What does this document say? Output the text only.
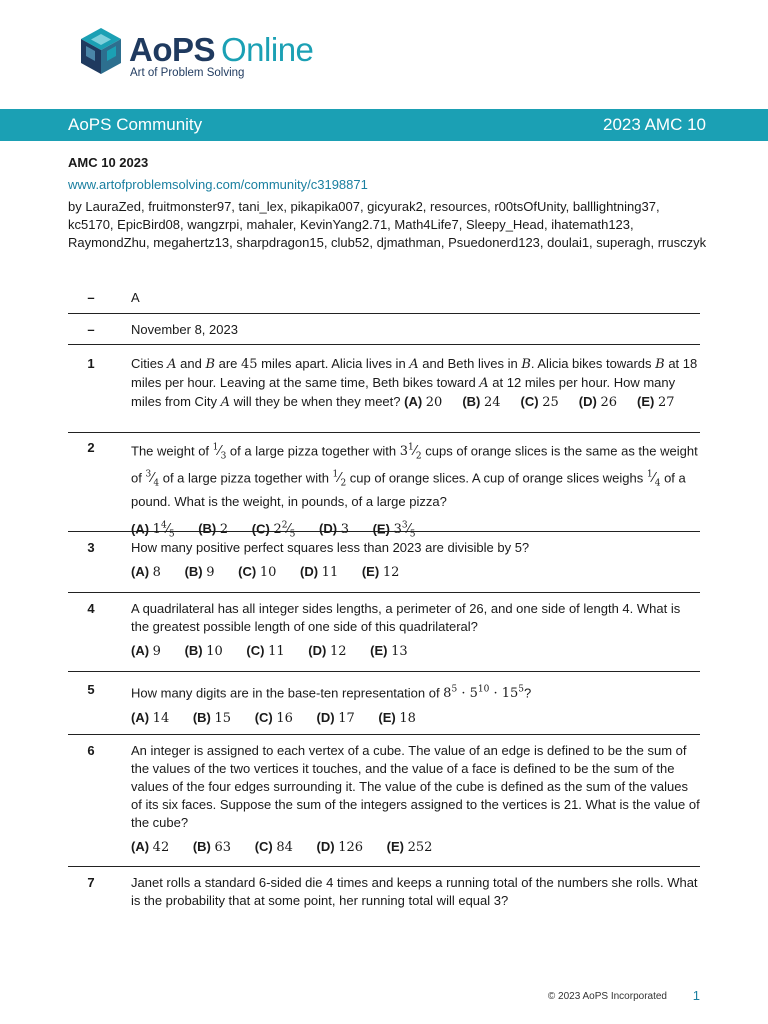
AoPS Online
Art of Problem Solving
AoPS Community	2023 AMC 10
AMC 10 2023
www.artofproblemsolving.com/community/c3198871
by LauraZed, fruitmonster97, tani_lex, pikapika007, gicyurak2, resources, r00tsOfUnity, balllightning37, kc5170, EpicBird08, wangzrpi, mahaler, KevinYang2.71, Math4Life7, Sleepy_Head, ihatemath123, RaymondZhu, megahertz13, sharpdragon15, club52, djmathman, Psuedonerd123, doulai1, superagh, rrusczyk
–	A
–	November 8, 2023
1	Cities A and B are 45 miles apart. Alicia lives in A and Beth lives in B. Alicia bikes towards B at 18 miles per hour. Leaving at the same time, Beth bikes toward A at 12 miles per hour. How many miles from City A will they be when they meet? (A) 20 (B) 24 (C) 25 (D) 26 (E) 27
2	The weight of $^1⁄_3$ of a large pizza together with $3^1⁄_2$ cups of orange slices is the same as the weight of $^3⁄_4$ of a large pizza together with $^1⁄_2$ cup of orange slices. A cup of orange slices weighs $^1⁄_4$ of a pound. What is the weight, in pounds, of a large pizza?
(A) $1^4⁄_5$ (B) 2 (C) $2^2⁄_5$ (D) 3 (E) $3^3⁄_5$
3	How many positive perfect squares less than 2023 are divisible by 5?
(A) 8 (B) 9 (C) 10 (D) 11 (E) 12
4	A quadrilateral has all integer sides lengths, a perimeter of 26, and one side of length 4. What is the greatest possible length of one side of this quadrilateral?
(A) 9 (B) 10 (C) 11 (D) 12 (E) 13
5	How many digits are in the base-ten representation of $8^5 \cdot 5^{10} \cdot 15^5$?
(A) 14 (B) 15 (C) 16 (D) 17 (E) 18
6	An integer is assigned to each vertex of a cube. The value of an edge is defined to be the sum of the values of the two vertices it touches, and the value of a face is defined to be the sum of the values of the four edges surrounding it. The value of the cube is defined as the sum of the values of its six faces. Suppose the sum of the integers assigned to the vertices is 21. What is the value of the cube?
(A) 42 (B) 63 (C) 84 (D) 126 (E) 252
7	Janet rolls a standard 6-sided die 4 times and keeps a running total of the numbers she rolls. What is the probability that at some point, her running total will equal 3?
© 2023 AoPS Incorporated 1
